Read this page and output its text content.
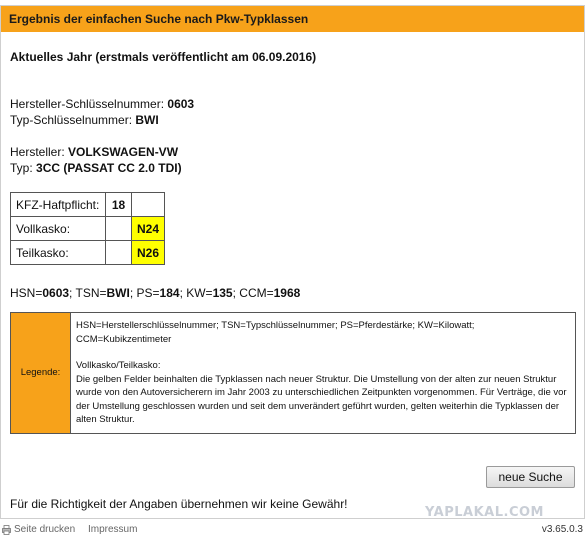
Ergebnis der einfachen Suche nach Pkw-Typklassen
Aktuelles Jahr (erstmals veröffentlicht am 06.09.2016)
Hersteller-Schlüsselnummer: 0603
Typ-Schlüsselnummer: BWI
Hersteller: VOLKSWAGEN-VW
Typ: 3CC (PASSAT CC 2.0 TDI)
KFZ-Haftpflicht:	18	
Vollkasko:		N24
Teilkasko:		N26
HSN=0603; TSN=BWI; PS=184; KW=135; CCM=1968
Legende:	

HSN=Herstellerschlüsselnummer; TSN=Typschlüsselnummer; PS=Pferdestärke; KW=Kilowatt;

CCM=Kubikzentimeter

Vollkasko/Teilkasko:

Die gelben Felder beinhalten die Typklassen nach neuer Struktur. Die Umstellung von der alten zur neuen Struktur wurde von den Autoversicherern im Jahr 2003 zu unterschiedlichen Zeitpunkten vorgenommen. Für Verträge, die vor der Umstellung geschlossen wurden und seit dem unverändert geführt wurden, gelten weiterhin die Typklassen der alten Struktur.

neue Suche
Für die Richtigkeit der Angaben übernehmen wir keine Gewähr!
YAPLAKAL.COM
Seite drucken Impressum	v3.65.0.3
